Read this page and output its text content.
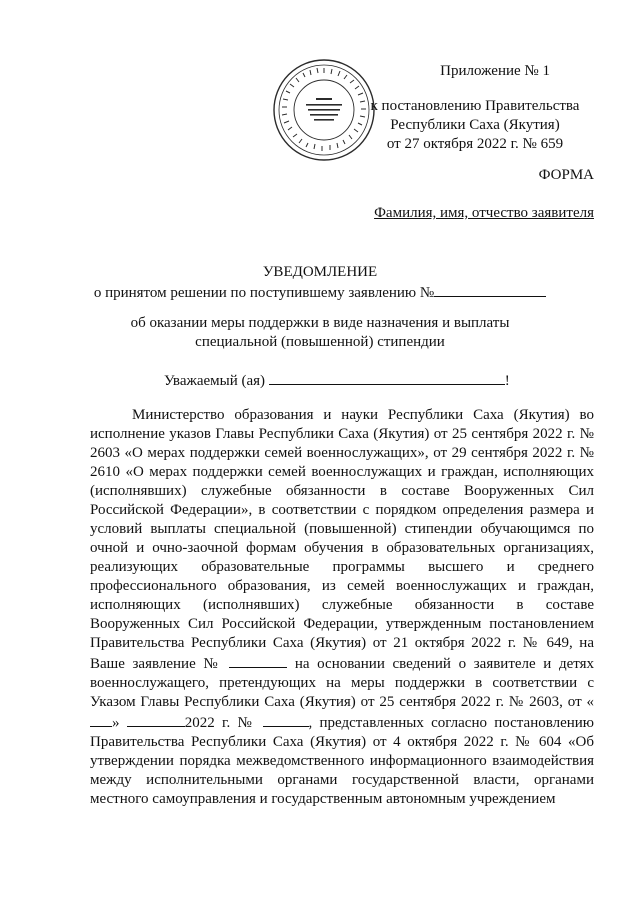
Приложение № 1
к постановлению Правительства
Республики Саха (Якутия)
от 27 октября 2022 г. № 659
ФОРМА
Фамилия, имя, отчество заявителя
УВЕДОМЛЕНИЕ
о принятом решении по поступившему заявлению №
об оказании меры поддержки в виде назначения и выплаты
специальной (повышенной) стипендии
Уважаемый (ая)	!
Министерство образования и науки Республики Саха (Якутия) во исполнение указов Главы Республики Саха (Якутия) от 25 сентября 2022 г. № 2603 «О мерах поддержки семей военнослужащих», от 29 сентября 2022 г. № 2610 «О мерах поддержки семей военнослужащих и граждан, исполняющих (исполнявших) служебные обязанности в составе Вооруженных Сил Российской Федерации», в соответствии с порядком определения размера и условий выплаты специальной (повышенной) стипендии обучающимся по очной и очно-заочной формам обучения в образовательных организациях, реализующих образовательные программы высшего и среднего профессионального образования, из семей военнослужащих и граждан, исполняющих (исполнявших) служебные обязанности в составе Вооруженных Сил Российской Федерации, утвержденным постановлением Правительства Республики Саха (Якутия) от 21 октября 2022 г. № 649, на Ваше заявление №	на основании сведений о заявителе и детях военнослужащего, претендующих на меры поддержки в соответствии с Указом Главы Республики Саха (Якутия) от 25 сентября 2022 г. № 2603, от «»	2022 г. №	, представленных согласно постановлению Правительства Республики Саха (Якутия) от 4 октября 2022 г. № 604 «Об утверждении порядка межведомственного информационного взаимодействия между исполнительными органами государственной власти, органами местного самоуправления и государственным автономным учреждением
